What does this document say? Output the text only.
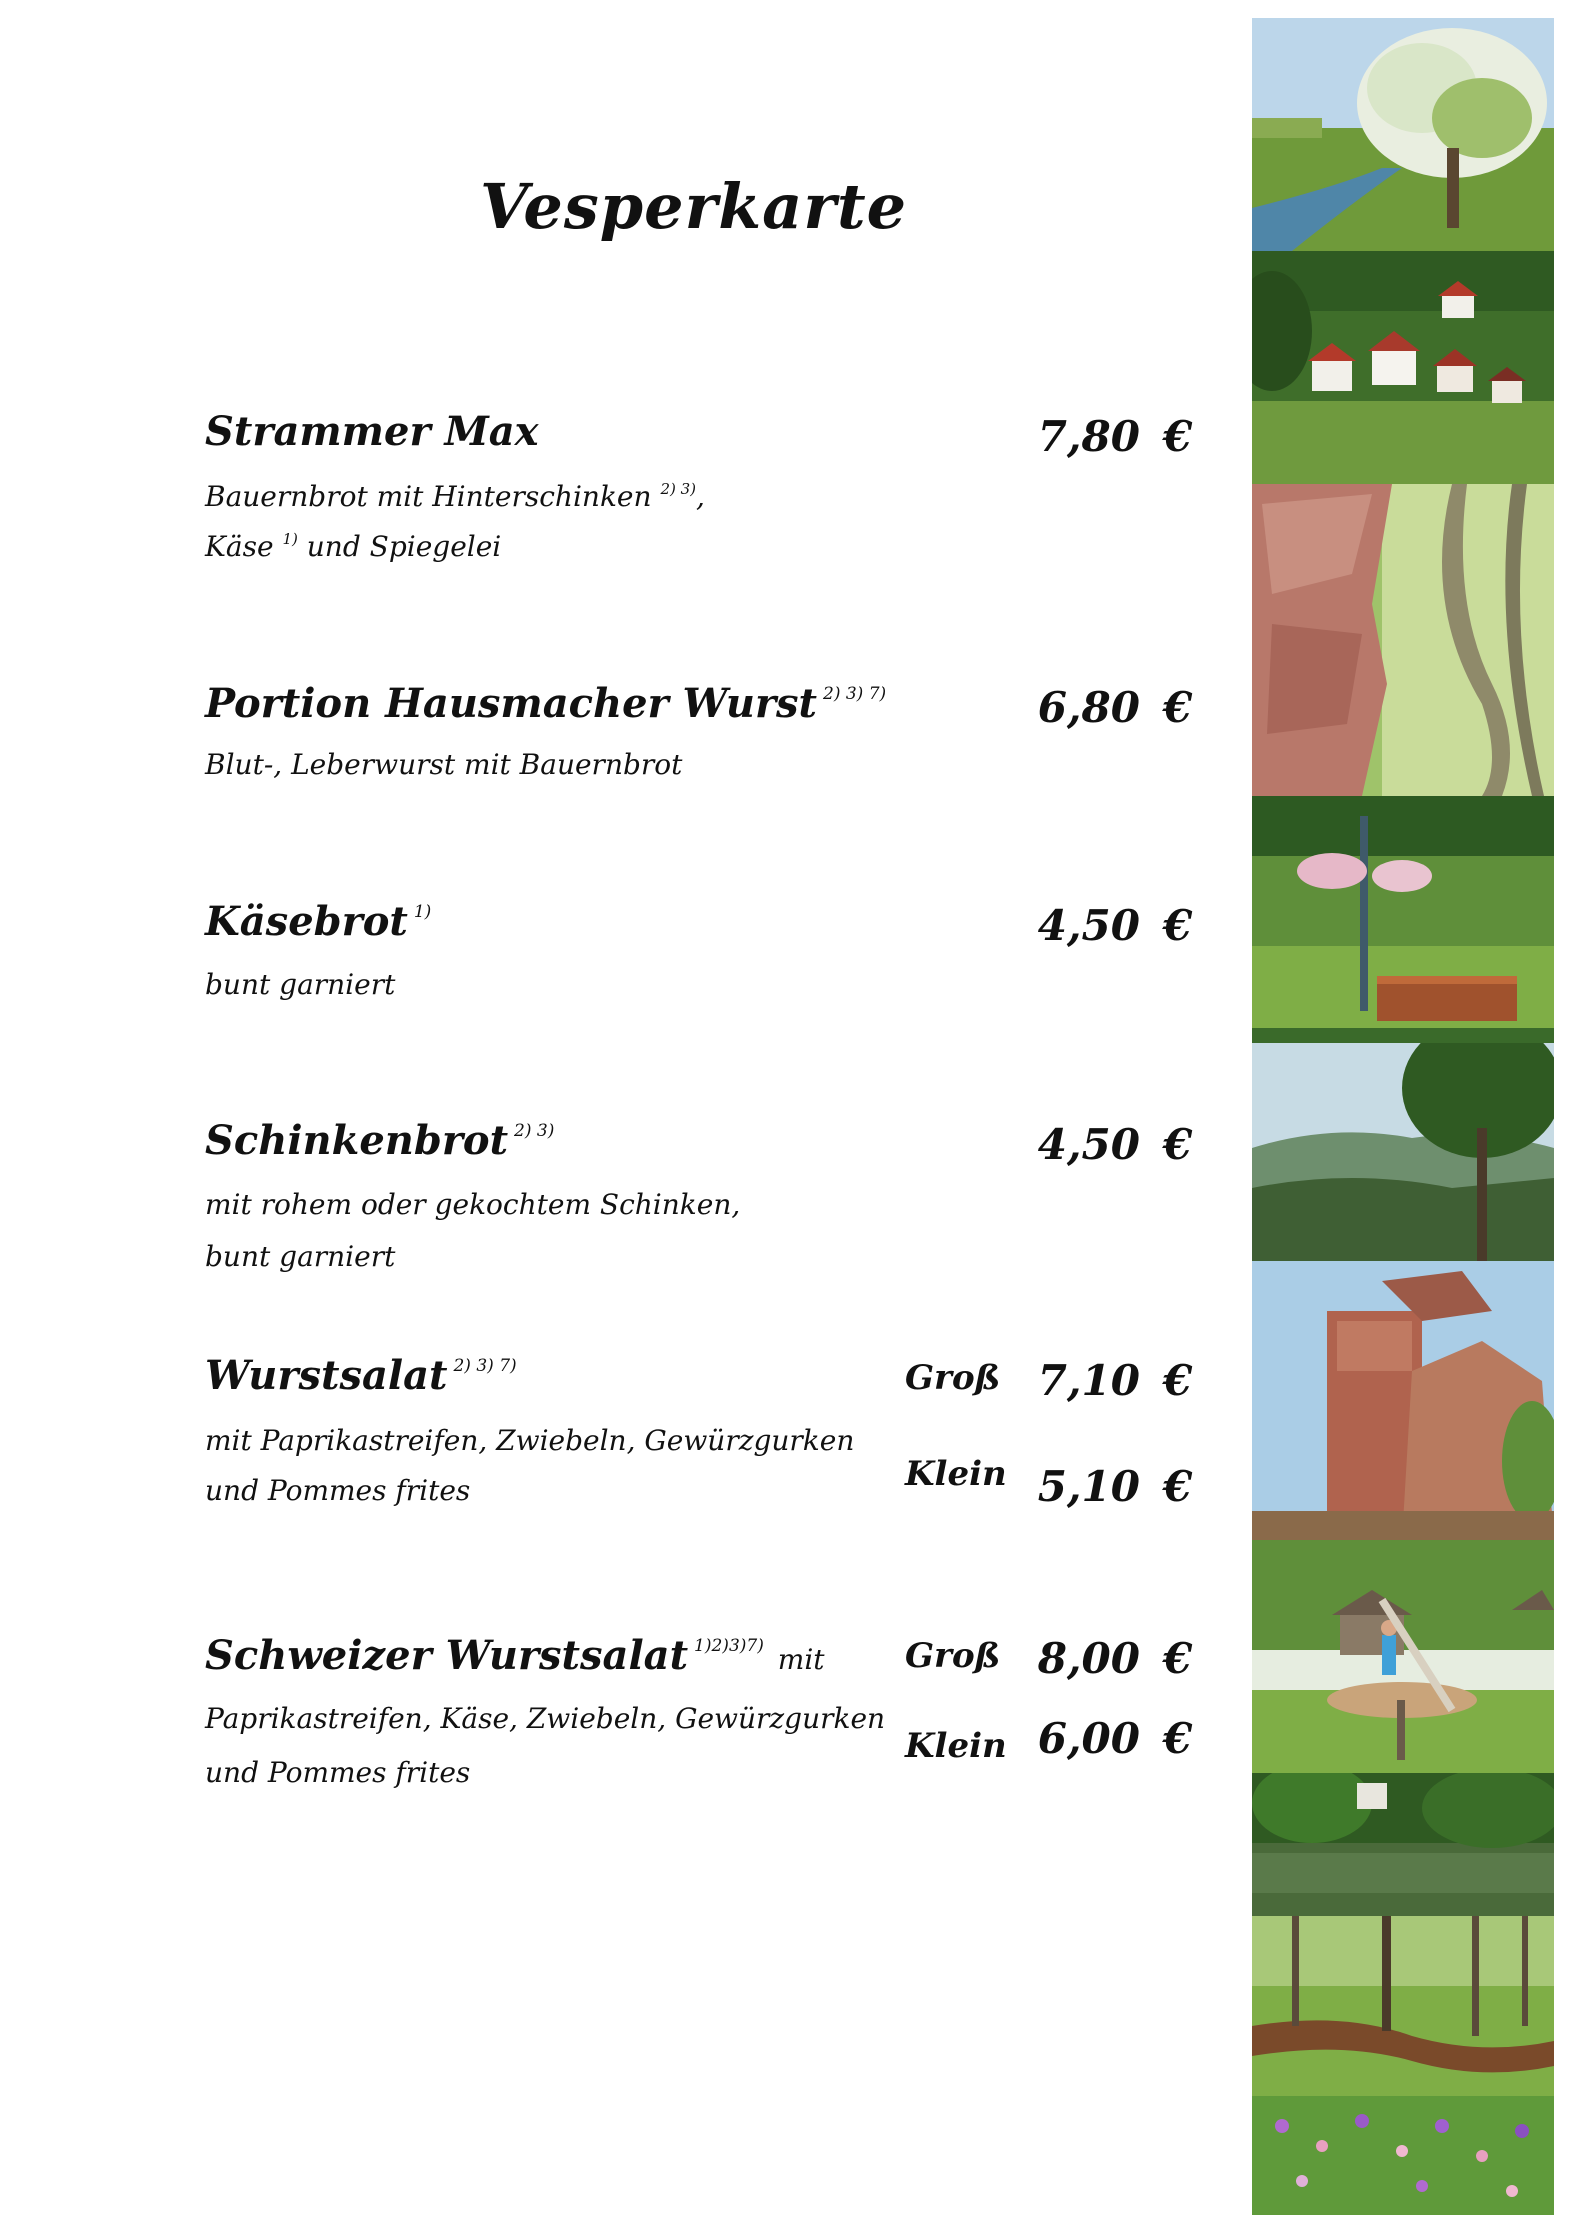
Vesperkarte
Strammer Max
Bauernbrot mit Hinterschinken $^{2) 3)}$,
Käse $^{1)}$ und Spiegelei
7,80 €
Portion Hausmacher Wurst $^{2) 3) 7)}$
Blut-, Leberwurst mit Bauernbrot
6,80 €
Käsebrot $^{1)}$
bunt garniert
4,50 €
Schinkenbrot $^{2) 3)}$
mit rohem oder gekochtem Schinken,
bunt garniert
4,50 €
Wurstsalat $^{2) 3) 7)}$
mit Paprikastreifen, Zwiebeln, Gewürzgurken
und Pommes frites
Groß 7,10 €
Klein 5,10 €
Schweizer Wurstsalat $^{1)2)3)7)}$ mit
Paprikastreifen, Käse, Zwiebeln, Gewürzgurken
und Pommes frites
Groß 8,00 €
Klein 6,00 €
